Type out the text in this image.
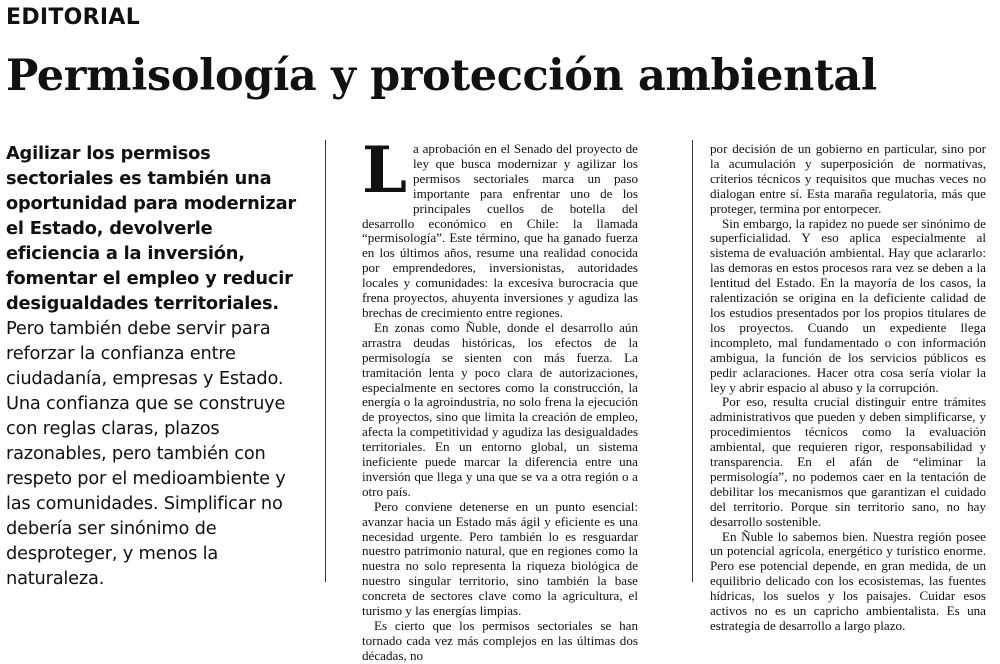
EDITORIAL
Permisología y protección ambiental
Agilizar los permisos sectoriales es también una oportunidad para modernizar el Estado, devolverle eficiencia a la inversión, fomentar el empleo y reducir desigualdades territoriales. Pero también debe servir para reforzar la confianza entre ciudadanía, empresas y Estado. Una confianza que se construye con reglas claras, plazos razonables, pero también con respeto por el medioambiente y las comunidades. Simplificar no debería ser sinónimo de desproteger, y menos la naturaleza.

La aprobación en el Senado del proyecto de ley que busca modernizar y agilizar los permisos sectoriales marca un paso importante para enfrentar uno de los principales cuellos de botella del desarrollo económico en Chile: la llamada “permisología”. Este término, que ha ganado fuerza en los últimos años, resume una realidad conocida por emprendedores, inversionistas, autoridades locales y comunidades: la excesiva burocracia que frena proyectos, ahuyenta inversiones y agudiza las brechas de crecimiento entre regiones.

En zonas como Ñuble, donde el desarrollo aún arrastra deudas históricas, los efectos de la permisología se sienten con más fuerza. La tramitación lenta y poco clara de autorizaciones, especialmente en sectores como la construcción, la energía o la agroindustria, no solo frena la ejecución de proyectos, sino que limita la creación de empleo, afecta la competitividad y agudiza las desigualdades territoriales. En un entorno global, un sistema ineficiente puede marcar la diferencia entre una inversión que llega y una que se va a otra región o a otro país.

Pero conviene detenerse en un punto esencial: avanzar hacia un Estado más ágil y eficiente es una necesidad urgente. Pero también lo es resguardar nuestro patrimonio natural, que en regiones como la nuestra no solo representa la riqueza biológica de nuestro singular territorio, sino también la base concreta de sectores clave como la agricultura, el turismo y las energías limpias.

Es cierto que los permisos sectoriales se han tornado cada vez más complejos en las últimas dos décadas, no

por decisión de un gobierno en particular, sino por la acumulación y superposición de normativas, criterios técnicos y requisitos que muchas veces no dialogan entre sí. Esta maraña regulatoria, más que proteger, termina por entorpecer.

Sin embargo, la rapidez no puede ser sinónimo de superficialidad. Y eso aplica especialmente al sistema de evaluación ambiental. Hay que aclararlo: las demoras en estos procesos rara vez se deben a la lentitud del Estado. En la mayoría de los casos, la ralentización se origina en la deficiente calidad de los estudios presentados por los propios titulares de los proyectos. Cuando un expediente llega incompleto, mal fundamentado o con información ambigua, la función de los servicios públicos es pedir aclaraciones. Hacer otra cosa sería violar la ley y abrir espacio al abuso y la corrupción.

Por eso, resulta crucial distinguir entre trámites administrativos que pueden y deben simplificarse, y procedimientos técnicos como la evaluación ambiental, que requieren rigor, responsabilidad y transparencia. En el afán de “eliminar la permisología”, no podemos caer en la tentación de debilitar los mecanismos que garantizan el cuidado del territorio. Porque sin territorio sano, no hay desarrollo sostenible.

En Ñuble lo sabemos bien. Nuestra región posee un potencial agrícola, energético y turístico enorme. Pero ese potencial depende, en gran medida, de un equilibrio delicado con los ecosistemas, las fuentes hídricas, los suelos y los paisajes. Cuidar esos activos no es un capricho ambientalista. Es una estrategia de desarrollo a largo plazo.
